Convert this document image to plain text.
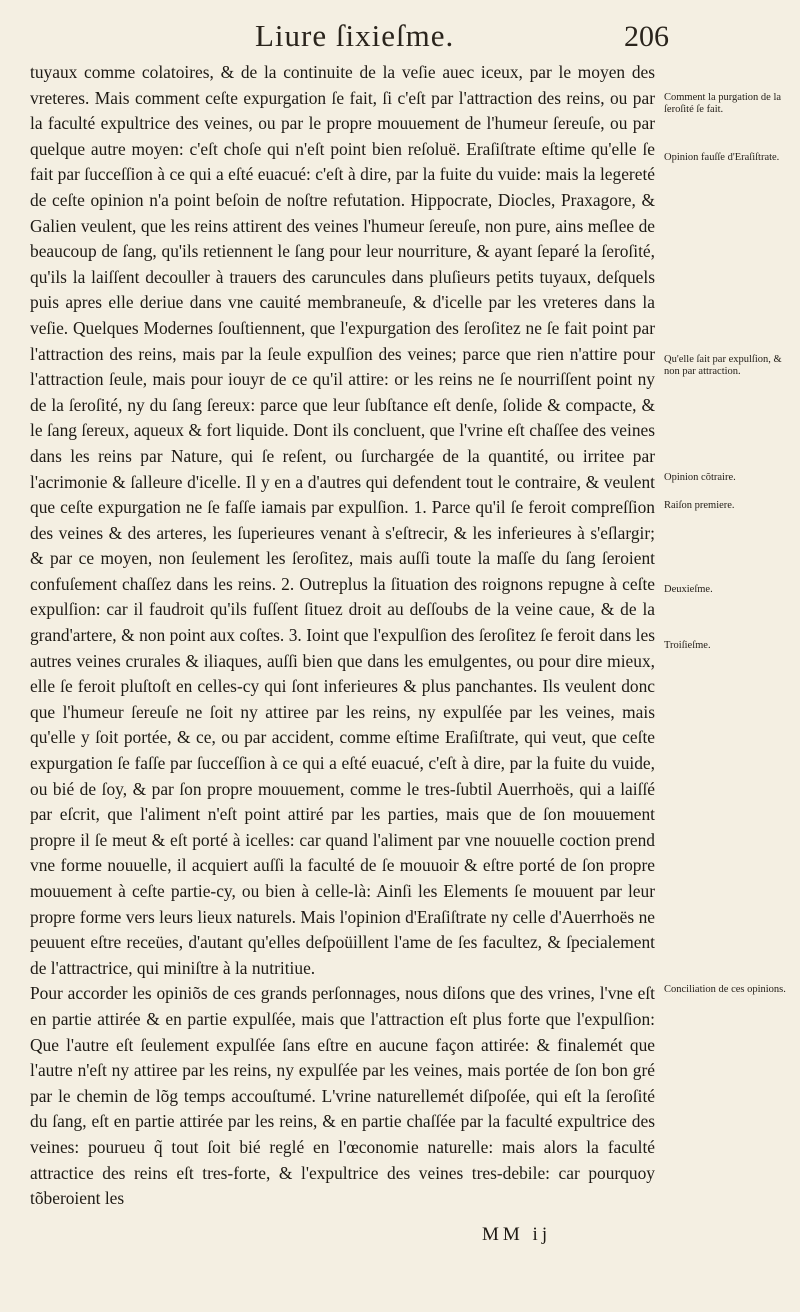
Liure ſixieſme.	206

tuyaux comme colatoires, & de la continuite de la veſie auec iceux, par le moyen des vreteres. Mais comment ceſte expurgation ſe fait, ſi c'eſt par l'attraction des reins, ou par la faculté expultrice des veines, ou par le propre mouuement de l'humeur ſereuſe, ou par quelque autre moyen: c'eſt choſe qui n'eſt point bien reſoluë. Eraſiſtrate eſtime qu'elle ſe fait par ſucceſſion à ce qui a eſté euacué: c'eſt à dire, par la fuite du vuide: mais la legereté de ceſte opinion n'a point beſoin de noſtre refutation. Hippocrate, Diocles, Praxagore, & Galien veulent, que les reins attirent des veines l'humeur ſereuſe, non pure, ains meſlee de beaucoup de ſang, qu'ils retiennent le ſang pour leur nourriture, & ayant ſeparé la ſeroſité, qu'ils la laiſſent decouller à trauers des caruncules dans pluſieurs petits tuyaux, deſquels puis apres elle deriue dans vne cauité membraneuſe, & d'icelle par les vreteres dans la veſie. Quelques Modernes ſouſtiennent, que l'expurgation des ſeroſitez ne ſe fait point par l'attraction des reins, mais par la ſeule expulſion des veines; parce que rien n'attire pour l'attraction ſeule, mais pour iouyr de ce qu'il attire: or les reins ne ſe nourriſſent point ny de la ſeroſité, ny du ſang ſereux: parce que leur ſubſtance eſt denſe, ſolide & compacte, & le ſang ſereux, aqueux & fort liquide. Dont ils concluent, que l'vrine eſt chaſſee des veines dans les reins par Nature, qui ſe reſent, ou ſurchargée de la quantité, ou irritee par l'acrimonie & ſalleure d'icelle. Il y en a d'autres qui defendent tout le contraire, & veulent que ceſte expurgation ne ſe faſſe iamais par expulſion. 1. Parce qu'il ſe feroit compreſſion des veines & des arteres, les ſuperieures venant à s'eſtrecir, & les inferieures à s'eſlargir; & par ce moyen, non ſeulement les ſeroſitez, mais auſſi toute la maſſe du ſang ſeroient confuſement chaſſez dans les reins. 2. Outreplus la ſituation des roignons repugne à ceſte expulſion: car il faudroit qu'ils fuſſent ſituez droit au deſſoubs de la veine caue, & de la grand'artere, & non point aux coſtes. 3. Ioint que l'expulſion des ſeroſitez ſe feroit dans les autres veines crurales & iliaques, auſſi bien que dans les emulgentes, ou pour dire mieux, elle ſe feroit pluſtoſt en celles-cy qui ſont inferieures & plus panchantes. Ils veulent donc que l'humeur ſereuſe ne ſoit ny attiree par les reins, ny expulſée par les veines, mais qu'elle y ſoit portée, & ce, ou par accident, comme eſtime Eraſiſtrate, qui veut, que ceſte expurgation ſe faſſe par ſucceſſion à ce qui a eſté euacué, c'eſt à dire, par la fuite du vuide, ou bié de ſoy, & par ſon propre mouuement, comme le tres-ſubtil Auerrhoës, qui a laiſſé par eſcrit, que l'aliment n'eſt point attiré par les parties, mais que de ſon mouuement propre il ſe meut & eſt porté à icelles: car quand l'aliment par vne nouuelle coction prend vne forme nouuelle, il acquiert auſſi la faculté de ſe mouuoir & eſtre porté de ſon propre mouuement à ceſte partie-cy, ou bien à celle-là: Ainſi les Elements ſe mouuent par leur propre forme vers leurs lieux naturels. Mais l'opinion d'Eraſiſtrate ny celle d'Auerrhoës ne peuuent eſtre receües, d'autant qu'elles deſpoüillent l'ame de ſes facultez, & ſpecialement de l'attractrice, qui miniſtre à la nutritiue.

Pour accorder les opiniõs de ces grands perſonnages, nous diſons que des vrines, l'vne eſt en partie attirée & en partie expulſée, mais que l'attraction eſt plus forte que l'expulſion: Que l'autre eſt ſeulement expulſée ſans eſtre en aucune façon attirée: & finalemét que l'autre n'eſt ny attiree par les reins, ny expulſée par les veines, mais portée de ſon bon gré par le chemin de lõg temps accouſtumé. L'vrine naturellemét diſpoſée, qui eſt la ſeroſité du ſang, eſt en partie attirée par les reins, & en partie chaſſée par la faculté expultrice des veines: pourueu q̃ tout ſoit bié reglé en l'œconomie naturelle: mais alors la faculté attractice des reins eſt tres-forte, & l'expultrice des veines tres-debile: car pourquoy tõberoient les

Comment la purgation de la ſeroſité ſe fait.
Opinion fauſſe d'Eraſiſtrate.
Qu'elle ſait par expulſion, & non par attraction.
Opinion cõtraire.
Raiſon premiere.
Deuxieſme.
Troiſieſme.
Conciliation de ces opinions.
MM ij
